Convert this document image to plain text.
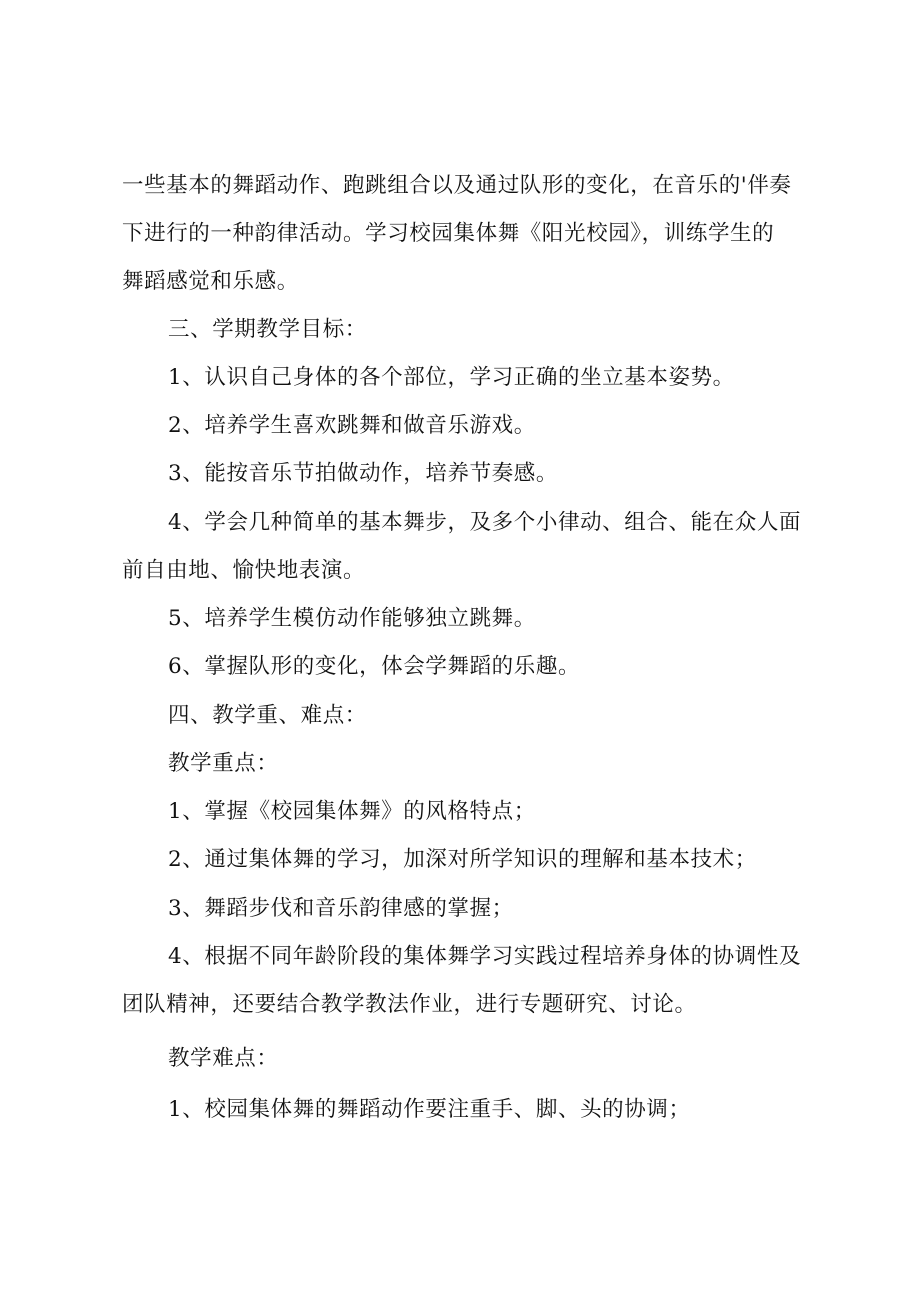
一些基本的舞蹈动作、跑跳组合以及通过队形的变化，在音乐的'伴奏
下进行的一种韵律活动。学习校园集体舞《阳光校园》，训练学生的
舞蹈感觉和乐感。
三、学期教学目标：
1、认识自己身体的各个部位，学习正确的坐立基本姿势。
2、培养学生喜欢跳舞和做音乐游戏。
3、能按音乐节拍做动作，培养节奏感。
4、学会几种简单的基本舞步，及多个小律动、组合、能在众人面
前自由地、愉快地表演。
5、培养学生模仿动作能够独立跳舞。
6、掌握队形的变化，体会学舞蹈的乐趣。
四、教学重、难点：
教学重点：
1、掌握《校园集体舞》的风格特点；
2、通过集体舞的学习，加深对所学知识的理解和基本技术；
3、舞蹈步伐和音乐韵律感的掌握；
4、根据不同年龄阶段的集体舞学习实践过程培养身体的协调性及
团队精神，还要结合教学教法作业，进行专题研究、讨论。
教学难点：
1、校园集体舞的舞蹈动作要注重手、脚、头的协调；
